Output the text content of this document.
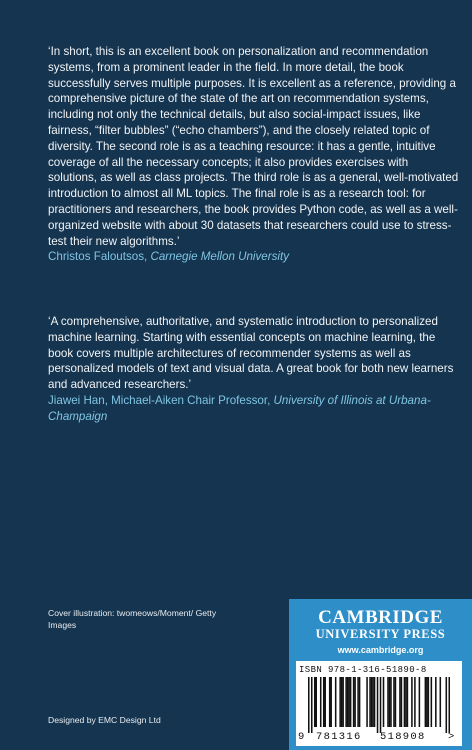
‘In short, this is an excellent book on personalization and recommendation systems, from a prominent leader in the field. In more detail, the book successfully serves multiple purposes. It is excellent as a reference, providing a comprehensive picture of the state of the art on recommendation systems, including not only the technical details, but also social-impact issues, like fairness, “filter bubbles” (“echo chambers”), and the closely related topic of diversity. The second role is as a teaching resource: it has a gentle, intuitive coverage of all the necessary concepts; it also provides exercises with solutions, as well as class projects. The third role is as a general, well-motivated introduction to almost all ML topics. The final role is as a research tool: for practitioners and researchers, the book provides Python code, as well as a well-organized website with about 30 datasets that researchers could use to stress-test their new algorithms.’
Christos Faloutsos, Carnegie Mellon University

‘A comprehensive, authoritative, and systematic introduction to personalized machine learning. Starting with essential concepts on machine learning, the book covers multiple architectures of recommender systems as well as personalized models of text and visual data. A great book for both new learners and advanced researchers.’
Jiawei Han, Michael-Aiken Chair Professor, University of Illinois at Urbana-Champaign

Cover illustration: twomeows/Moment/ Getty Images
Designed by EMC Design Ltd
CAMBRIDGE
UNIVERSITY PRESS
www.cambridge.org
ISBN 978-1-316-51890-8
9 781316 518908 >
